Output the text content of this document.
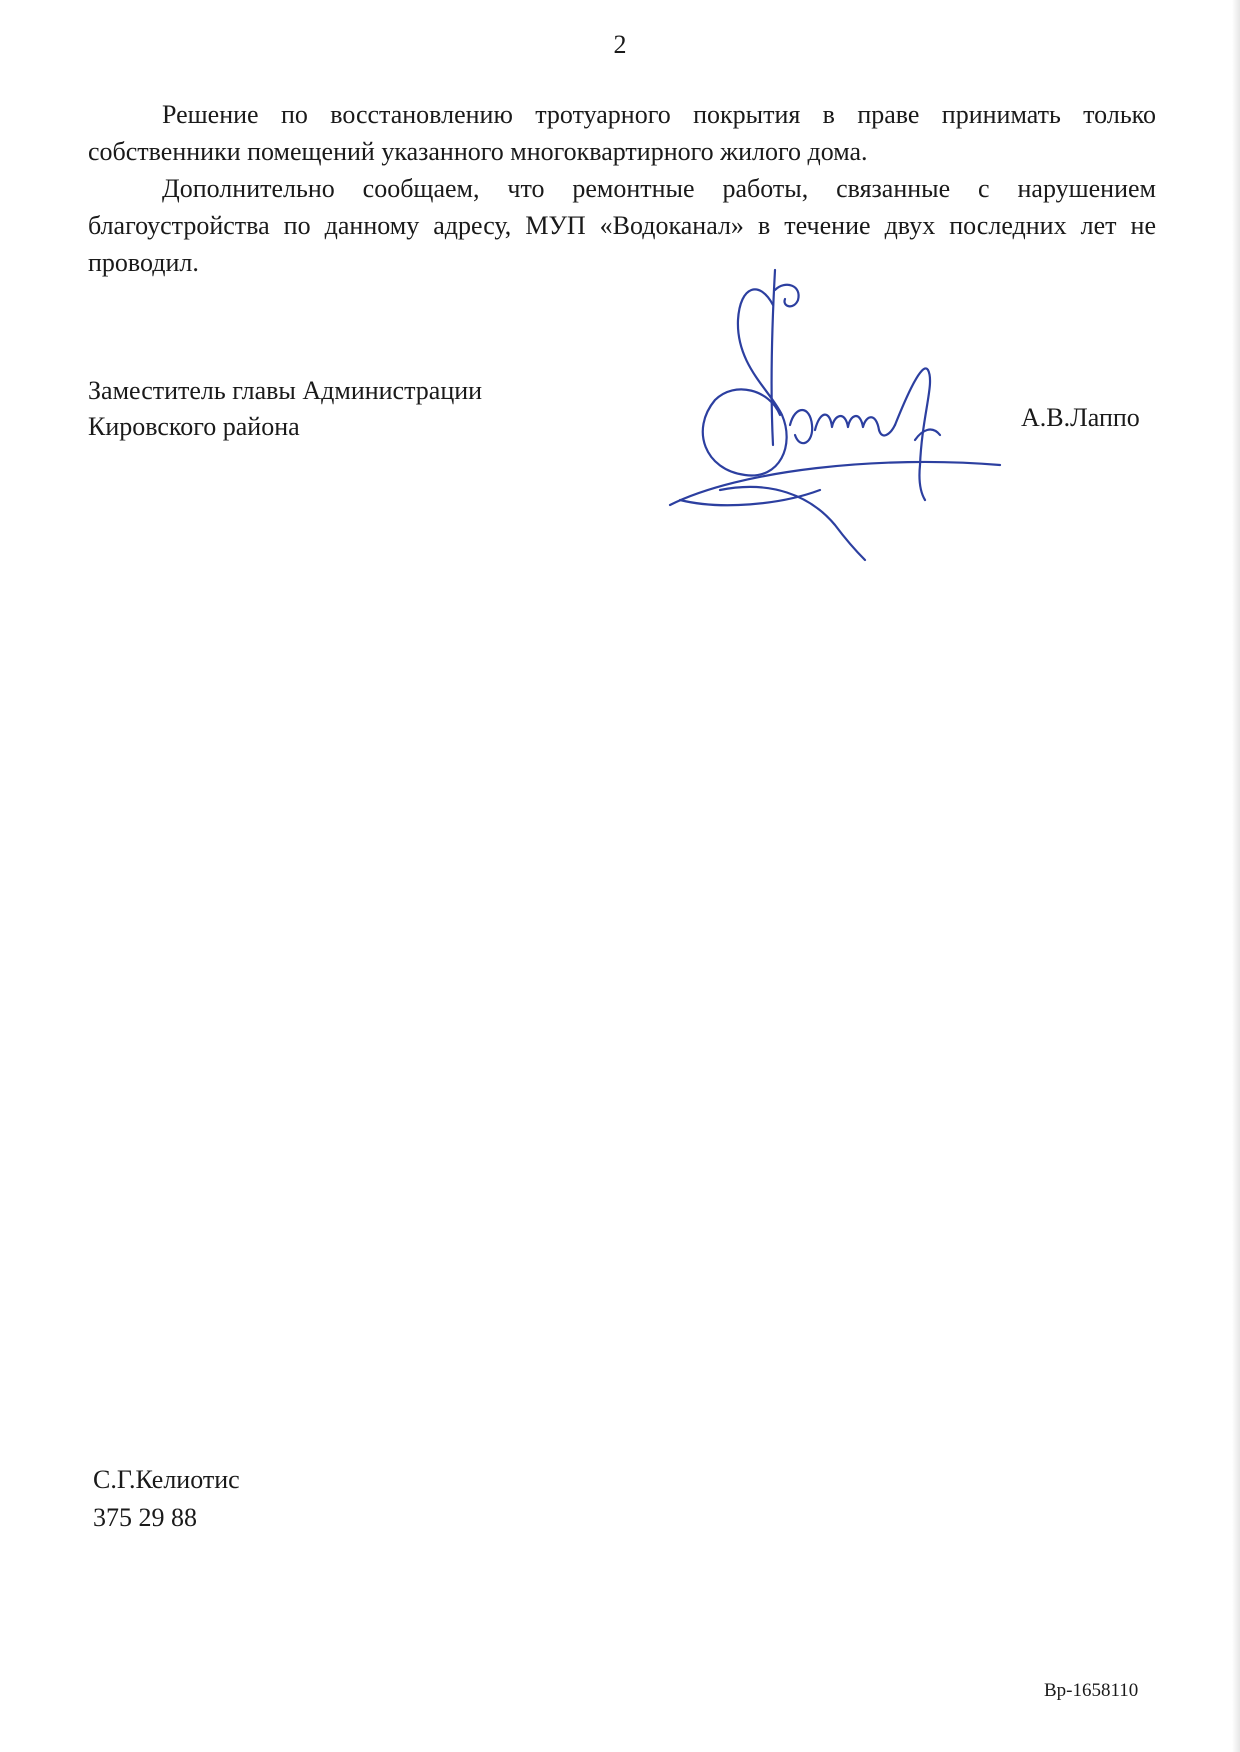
2

Решение по восстановлению тротуарного покрытия в праве принимать только собственники помещений указанного многоквартирного жилого дома.

Дополнительно сообщаем, что ремонтные работы, связанные с нарушением благоустройства по данному адресу, МУП «Водоканал» в течение двух последних лет не проводил.

Заместитель главы Администрации
Кировского района	А.В.Лаппо
С.Г.Келиотис
375 29 88
Вр-1658110
